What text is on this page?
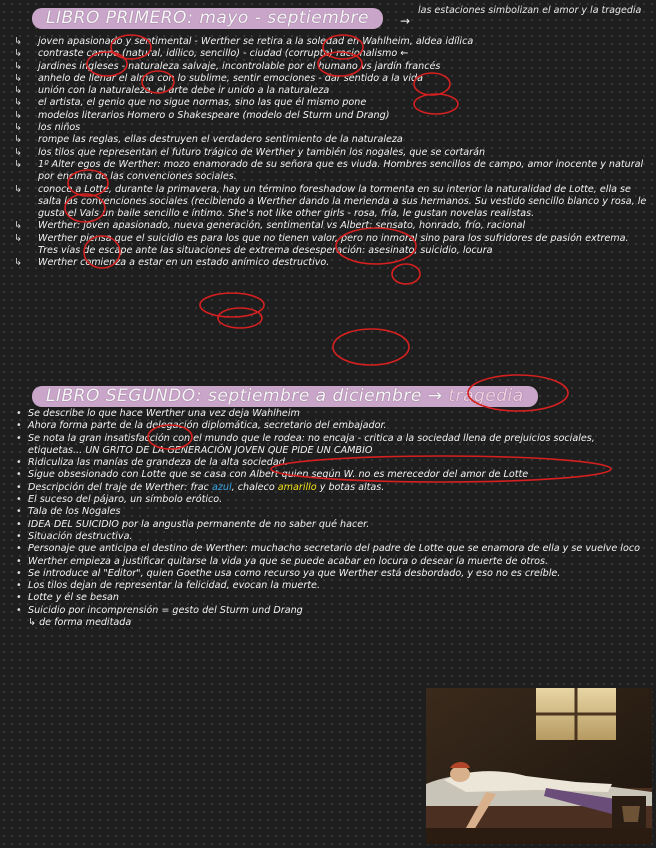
LIBRO PRIMERO: mayo - septiembre	→
las estaciones simbolizan el amor y la tragedia
↳ joven apasionado y sentimental - Werther se retira a la soledad en Wahlheim, aldea idílica
↳ contraste campo (natural, idílico, sencillo) - ciudad (corrupta) racionalismo ←
↳ jardines ingleses - naturaleza salvaje, incontrolable por el humano vs jardín francés
↳ anhelo de llenar el alma con lo sublime, sentir emociones - dar sentido a la vida
↳ unión con la naturaleza, el arte debe ir unido a la naturaleza
↳ el artista, el genio que no sigue normas, sino las que él mismo pone
↳ modelos literarios Homero o Shakespeare (modelo del Sturm und Drang)
↳ los niños
↳ rompe las reglas, ellas destruyen el verdadero sentimiento de la naturaleza
↳ los tilos que representan el futuro trágico de Werther y también los nogales, que se cortarán
↳ 1º Alter egos de Werther: mozo enamorado de su señora que es viuda. Hombres sencillos de campo, amor inocente y natural por encima de las convenciones sociales.
↳ conoce a Lotte, durante la primavera, hay un término foreshadow la tormenta en su interior la naturalidad de Lotte, ella se salta las convenciones sociales (recibiendo a Werther dando la merienda a sus hermanos. Su vestido sencillo blanco y rosa, le gusta el Vals un baile sencillo e íntimo. She's not like other girls - rosa, fría, le gustan novelas realistas.
↳ Werther: joven apasionado, nueva generación, sentimental vs Albert: sensato, honrado, frío, racional
↳ Werther piensa que el suicidio es para los que no tienen valor, pero no inmoral sino para los sufridores de pasión extrema.
Tres vías de escape ante las situaciones de extrema desesperación: asesinato, suicidio, locura
↳ Werther comienza a estar en un estado anímico destructivo.
LIBRO SEGUNDO: septiembre a diciembre → tragedia
• Se describe lo que hace Werther una vez deja Wahlheim
• Ahora forma parte de la delegación diplomática, secretario del embajador.
• Se nota la gran insatisfacción con el mundo que le rodea: no encaja - critica a la sociedad llena de prejuicios sociales, etiquetas... UN GRITO DE LA GENERACIÓN JOVEN QUE PIDE UN CAMBIO
• Ridiculiza las manías de grandeza de la alta sociedad.
• Sigue obsesionado con Lotte que se casa con Albert quien según W. no es merecedor del amor de Lotte
• Descripción del traje de Werther: frac azul, chaleco amarillo y botas altas.
• El suceso del pájaro, un símbolo erótico.
• Tala de los Nogales
• IDEA DEL SUICIDIO por la angustia permanente de no saber qué hacer.
• Situación destructiva.
• Personaje que anticipa el destino de Werther: muchacho secretario del padre de Lotte que se enamora de ella y se vuelve loco
• Werther empieza a justificar quitarse la vida ya que se puede acabar en locura o desear la muerte de otros.
• Se introduce al "Editor", quien Goethe usa como recurso ya que Werther está desbordado, y eso no es creíble.
• Los tilos dejan de representar la felicidad, evocan la muerte.
• Lotte y él se besan
• Suicidio por incomprensión = gesto del Sturm und Drang
↳ de forma meditada
